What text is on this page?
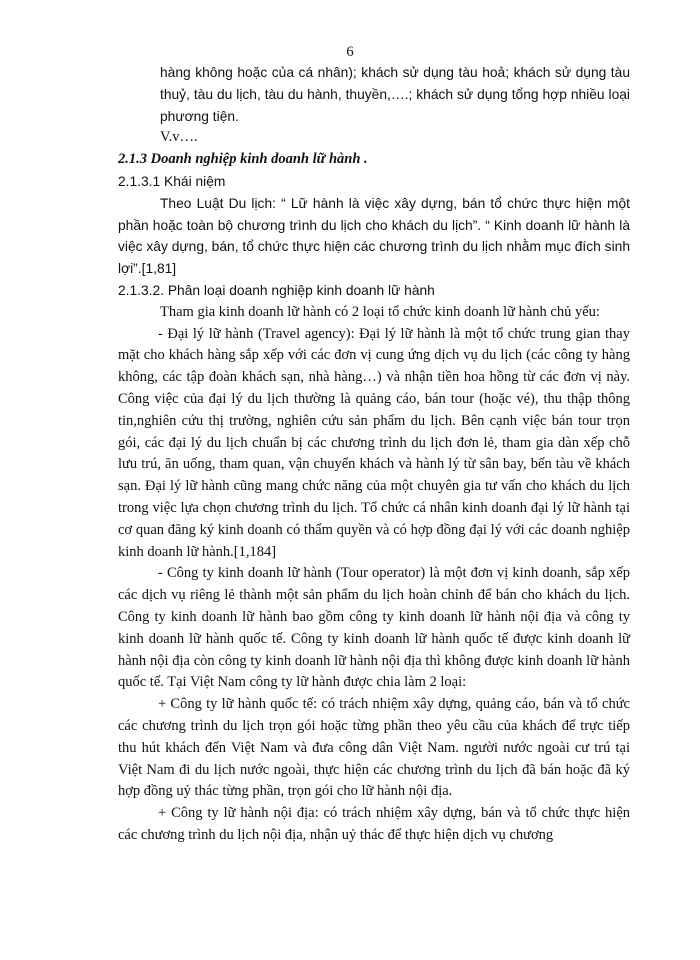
6

hàng không hoặc của cá nhân); khách sử dụng tàu hoả; khách sử dụng tàu thuỷ, tàu du lịch, tàu du hành, thuyền,….; khách sử dụng tổng hợp nhiều loại phương tiện.

V.v….

2.1.3 Doanh nghiệp kinh doanh lữ hành .

2.1.3.1 Khái niệm

Theo Luật Du lịch: “ Lữ hành là việc xây dựng, bán tổ chức thực hiện một phần hoặc toàn bộ chương trình du lịch cho khách du lịch”. “ Kinh doanh lữ hành là việc xây dựng, bán, tổ chức thực hiện các chương trình du lịch nhằm mục đích sinh lợi”.[1,81]

2.1.3.2. Phân loại doanh nghiệp kinh doanh lữ hành

Tham gia kinh doanh lữ hành có 2 loại tổ chức kinh doanh lữ hành chủ yếu:

- Đại lý lữ hành (Travel agency): Đại lý lữ hành là một tổ chức trung gian thay mặt cho khách hàng sắp xếp với các đơn vị cung ứng dịch vụ du lịch (các công ty hàng không, các tập đoàn khách sạn, nhà hàng…) và nhận tiền hoa hồng từ các đơn vị này. Công việc của đại lý du lịch thường là quảng cáo, bán tour (hoặc vé), thu thập thông tin,nghiên cứu thị trường, nghiên cứu sản phẩm du lịch. Bên cạnh việc bán tour trọn gói, các đại lý du lịch chuẩn bị các chương trình du lịch đơn lẻ, tham gia dàn xếp chỗ lưu trú, ăn uống, tham quan, vận chuyển khách và hành lý từ sân bay, bến tàu về khách sạn. Đại lý lữ hành cũng mang chức năng của một chuyên gia tư vấn cho khách du lịch trong việc lựa chọn chương trình du lịch. Tổ chức cá nhân kinh doanh đại lý lữ hành tại cơ quan đăng ký kinh doanh có thẩm quyền và có hợp đồng đại lý với các doanh nghiệp kinh doanh lữ hành.[1,184]

- Công ty kinh doanh lữ hành (Tour operator) là một đơn vị kinh doanh, sắp xếp các dịch vụ riêng lẻ thành một sản phẩm du lịch hoàn chỉnh để bán cho khách du lịch. Công ty kinh doanh lữ hành bao gồm công ty kinh doanh lữ hành nội địa và công ty kinh doanh lữ hành quốc tế. Công ty kinh doanh lữ hành quốc tế được kinh doanh lữ hành nội địa còn công ty kinh doanh lữ hành nội địa thì không được kinh doanh lữ hành quốc tế. Tại Việt Nam công ty lữ hành được chia làm 2 loại:

+ Công ty lữ hành quốc tế: có trách nhiệm xây dựng, quảng cáo, bán và tổ chức các chương trình du lịch trọn gói hoặc từng phần theo yêu cầu của khách để trực tiếp thu hút khách đến Việt Nam và đưa công dân Việt Nam. người nước ngoài cư trú tại Việt Nam đi du lịch nước ngoài, thực hiện các chương trình du lịch đã bán hoặc đã ký hợp đồng uỷ thác từng phần, trọn gói cho lữ hành nội địa.

+ Công ty lữ hành nội địa: có trách nhiệm xây dựng, bán và tổ chức thực hiện các chương trình du lịch nội địa, nhận uỷ thác để thực hiện dịch vụ chương
